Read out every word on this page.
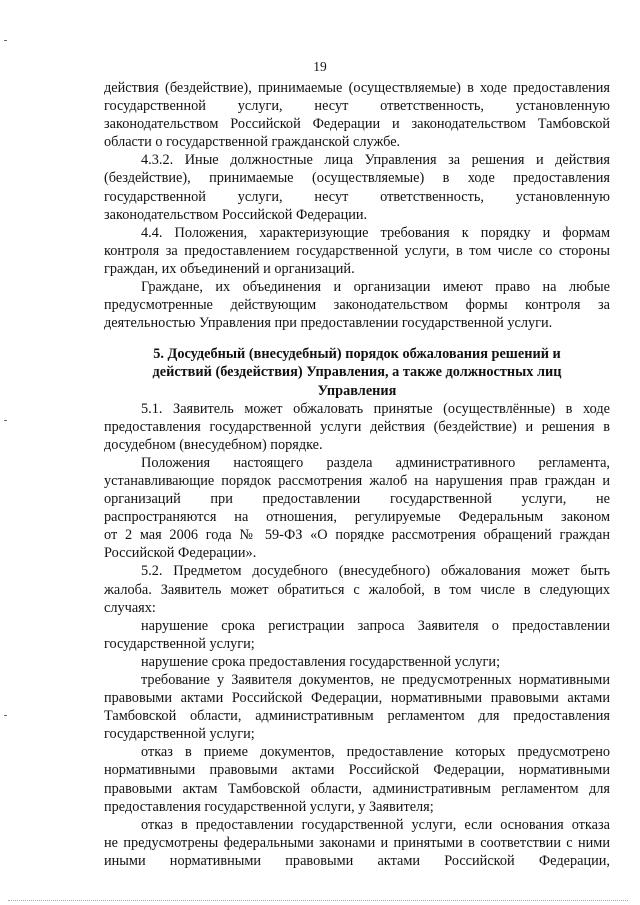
19
действия (бездействие), принимаемые (осуществляемые) в ходе предоставления
государственной услуги, несут ответственность, установленную
законодательством Российской Федерации и законодательством Тамбовской
области о государственной гражданской службе.
4.3.2. Иные должностные лица Управления за решения и действия
(бездействие), принимаемые (осуществляемые) в ходе предоставления
государственной услуги, несут ответственность, установленную
законодательством Российской Федерации.
4.4. Положения, характеризующие требования к порядку и формам
контроля за предоставлением государственной услуги, в том числе со стороны
граждан, их объединений и организаций.
Граждане, их объединения и организации имеют право на любые
предусмотренные действующим законодательством формы контроля за
деятельностью Управления при предоставлении государственной услуги.
5. Досудебный (внесудебный) порядок обжалования решений и
действий (бездействия) Управления, а также должностных лиц
Управления
5.1. Заявитель может обжаловать принятые (осуществлённые) в ходе
предоставления государственной услуги действия (бездействие) и решения в
досудебном (внесудебном) порядке.
Положения настоящего раздела административного регламента,
устанавливающие порядок рассмотрения жалоб на нарушения прав граждан и
организаций при предоставлении государственной услуги, не
распространяются на отношения, регулируемые Федеральным законом
от 2 мая 2006 года № 59-ФЗ «О порядке рассмотрения обращений граждан
Российской Федерации».
5.2. Предметом досудебного (внесудебного) обжалования может быть
жалоба. Заявитель может обратиться с жалобой, в том числе в следующих
случаях:
нарушение срока регистрации запроса Заявителя о предоставлении
государственной услуги;
нарушение срока предоставления государственной услуги;
требование у Заявителя документов, не предусмотренных нормативными
правовыми актами Российской Федерации, нормативными правовыми актами
Тамбовской области, административным регламентом для предоставления
государственной услуги;
отказ в приеме документов, предоставление которых предусмотрено
нормативными правовыми актами Российской Федерации, нормативными
правовыми актам Тамбовской области, административным регламентом для
предоставления государственной услуги, у Заявителя;
отказ в предоставлении государственной услуги, если основания отказа
не предусмотрены федеральными законами и принятыми в соответствии с ними
иными нормативными правовыми актами Российской Федерации,
